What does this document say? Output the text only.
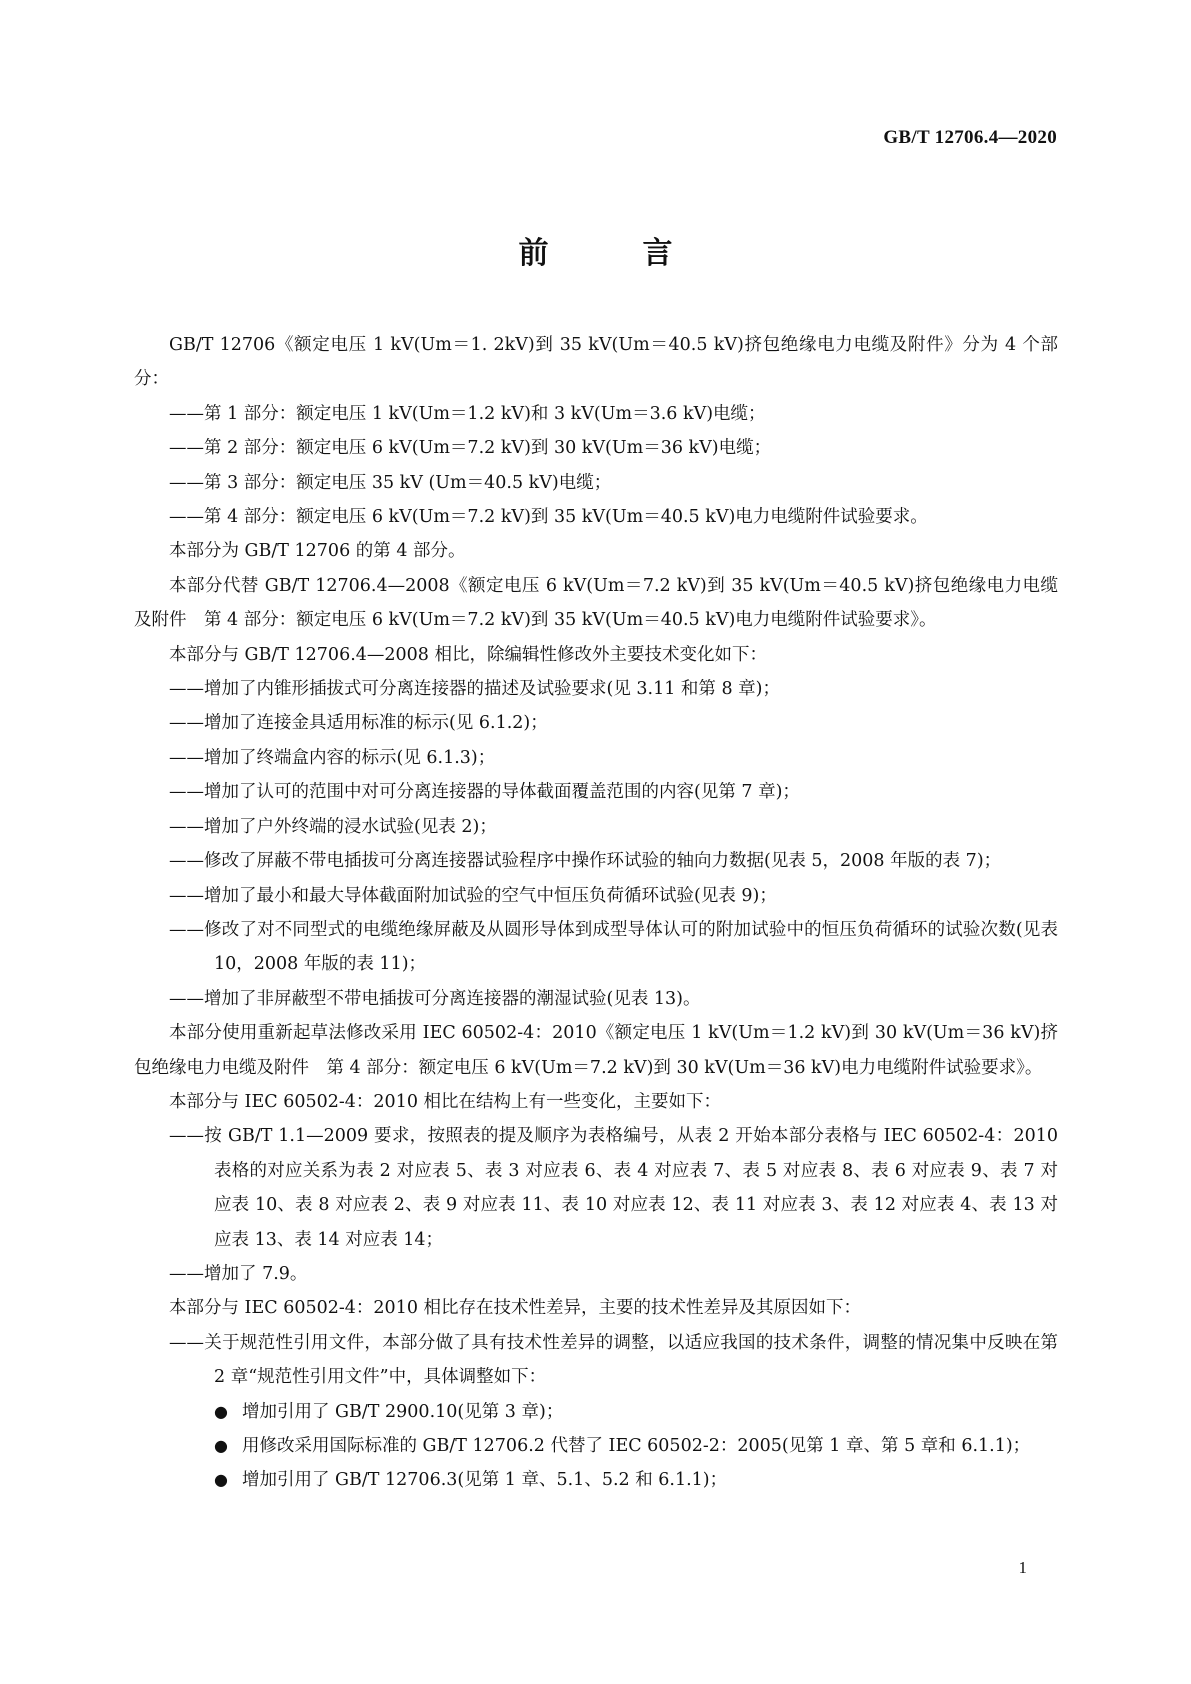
GB/T 12706.4—2020
前　言

GB/T 12706《额定电压 1 kV(Um＝1. 2kV)到 35 kV(Um＝40.5 kV)挤包绝缘电力电缆及附件》分为 4 个部分：

——第 1 部分：额定电压 1 kV(Um＝1.2 kV)和 3 kV(Um＝3.6 kV)电缆；

——第 2 部分：额定电压 6 kV(Um＝7.2 kV)到 30 kV(Um＝36 kV)电缆；

——第 3 部分：额定电压 35 kV (Um＝40.5 kV)电缆；

——第 4 部分：额定电压 6 kV(Um＝7.2 kV)到 35 kV(Um＝40.5 kV)电力电缆附件试验要求。

本部分为 GB/T 12706 的第 4 部分。

本部分代替 GB/T 12706.4—2008《额定电压 6 kV(Um＝7.2 kV)到 35 kV(Um＝40.5 kV)挤包绝缘电力电缆及附件　第 4 部分：额定电压 6 kV(Um＝7.2 kV)到 35 kV(Um＝40.5 kV)电力电缆附件试验要求》。

本部分与 GB/T 12706.4—2008 相比，除编辑性修改外主要技术变化如下：

——增加了内锥形插拔式可分离连接器的描述及试验要求(见 3.11 和第 8 章)；

——增加了连接金具适用标准的标示(见 6.1.2)；

——增加了终端盒内容的标示(见 6.1.3)；

——增加了认可的范围中对可分离连接器的导体截面覆盖范围的内容(见第 7 章)；

——增加了户外终端的浸水试验(见表 2)；

——修改了屏蔽不带电插拔可分离连接器试验程序中操作环试验的轴向力数据(见表 5，2008 年版的表 7)；

——增加了最小和最大导体截面附加试验的空气中恒压负荷循环试验(见表 9)；

——修改了对不同型式的电缆绝缘屏蔽及从圆形导体到成型导体认可的附加试验中的恒压负荷循环的试验次数(见表 10，2008 年版的表 11)；

——增加了非屏蔽型不带电插拔可分离连接器的潮湿试验(见表 13)。

本部分使用重新起草法修改采用 IEC 60502-4：2010《额定电压 1 kV(Um＝1.2 kV)到 30 kV(Um＝36 kV)挤包绝缘电力电缆及附件　第 4 部分：额定电压 6 kV(Um＝7.2 kV)到 30 kV(Um＝36 kV)电力电缆附件试验要求》。

本部分与 IEC 60502-4：2010 相比在结构上有一些变化，主要如下：

——按 GB/T 1.1—2009 要求，按照表的提及顺序为表格编号，从表 2 开始本部分表格与 IEC 60502-4：2010 表格的对应关系为表 2 对应表 5、表 3 对应表 6、表 4 对应表 7、表 5 对应表 8、表 6 对应表 9、表 7 对应表 10、表 8 对应表 2、表 9 对应表 11、表 10 对应表 12、表 11 对应表 3、表 12 对应表 4、表 13 对应表 13、表 14 对应表 14；

——增加了 7.9。

本部分与 IEC 60502-4：2010 相比存在技术性差异，主要的技术性差异及其原因如下：

——关于规范性引用文件，本部分做了具有技术性差异的调整，以适应我国的技术条件，调整的情况集中反映在第 2 章“规范性引用文件”中，具体调整如下：

● 增加引用了 GB/T 2900.10(见第 3 章)；

● 用修改采用国际标准的 GB/T 12706.2 代替了 IEC 60502-2：2005(见第 1 章、第 5 章和 6.1.1)；

● 增加引用了 GB/T 12706.3(见第 1 章、5.1、5.2 和 6.1.1)；

1
